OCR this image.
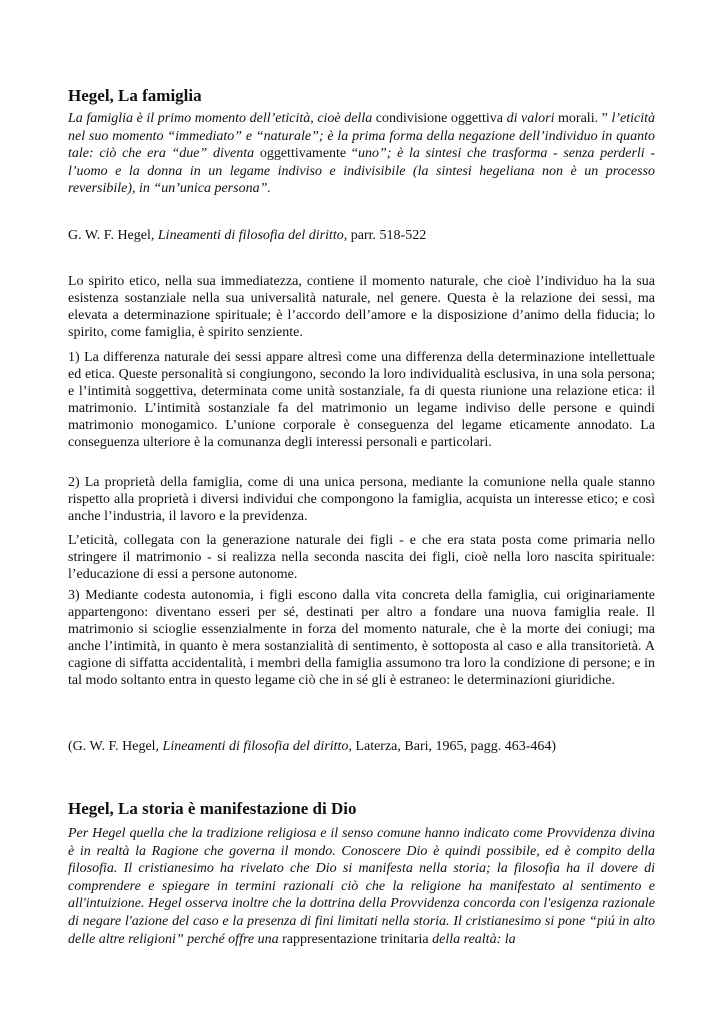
Hegel, La famiglia

La famiglia è il primo momento dell’eticità, cioè della condivisione oggettiva di valori morali. ” l’eticità nel suo momento “immediato” e “naturale”; è la prima forma della negazione dell’individuo in quanto tale: ciò che era “due” diventa oggettivamente “uno”; è la sintesi che trasforma - senza perderli - l’uomo e la donna in un legame indiviso e indivisibile (la sintesi hegeliana non è un processo reversibile), in “un’unica persona”.

G. W. F. Hegel, Lineamenti di filosofia del diritto, parr. 518-522

Lo spirito etico, nella sua immediatezza, contiene il momento naturale, che cioè l’individuo ha la sua esistenza sostanziale nella sua universalità naturale, nel genere. Questa è la relazione dei sessi, ma elevata a determinazione spirituale; è l’accordo dell’amore e la disposizione d’animo della fiducia; lo spirito, come famiglia, è spirito senziente.

1) La differenza naturale dei sessi appare altresì come una differenza della determinazione intellettuale ed etica. Queste personalità si congiungono, secondo la loro individualità esclusiva, in una sola persona; e l’intimità soggettiva, determinata come unità sostanziale, fa di questa riunione una relazione etica: il matrimonio. L’intimità sostanziale fa del matrimonio un legame indiviso delle persone e quindi matrimonio monogamico. L’unione corporale è conseguenza del legame eticamente annodato. La conseguenza ulteriore è la comunanza degli interessi personali e particolari.

2) La proprietà della famiglia, come di una unica persona, mediante la comunione nella quale stanno rispetto alla proprietà i diversi individui che compongono la famiglia, acquista un interesse etico; e così anche l’industria, il lavoro e la previdenza.

L’eticità, collegata con la generazione naturale dei figli - e che era stata posta come primaria nello stringere il matrimonio - si realizza nella seconda nascita dei figli, cioè nella loro nascita spirituale: l’educazione di essi a persone autonome.

3) Mediante codesta autonomia, i figli escono dalla vita concreta della famiglia, cui originariamente appartengono: diventano esseri per sé, destinati per altro a fondare una nuova famiglia reale. Il matrimonio si scioglie essenzialmente in forza del momento naturale, che è la morte dei coniugi; ma anche l’intimità, in quanto è mera sostanzialità di sentimento, è sottoposta al caso e alla transitorietà. A cagione di siffatta accidentalità, i membri della famiglia assumono tra loro la condizione di persone; e in tal modo soltanto entra in questo legame ciò che in sé gli è estraneo: le determinazioni giuridiche.

(G. W. F. Hegel, Lineamenti di filosofia del diritto, Laterza, Bari, 1965, pagg. 463-464)

Hegel, La storia è manifestazione di Dio

Per Hegel quella che la tradizione religiosa e il senso comune hanno indicato come Provvidenza divina è in realtà la Ragione che governa il mondo. Conoscere Dio è quindi possibile, ed è compito della filosofia. Il cristianesimo ha rivelato che Dio si manifesta nella storia; la filosofia ha il dovere di comprendere e spiegare in termini razionali ciò che la religione ha manifestato al sentimento e all'intuizione. Hegel osserva inoltre che la dottrina della Provvidenza concorda con l'esigenza razionale di negare l'azione del caso e la presenza di fini limitati nella storia. Il cristianesimo si pone “piú in alto delle altre religioni” perché offre una rappresentazione trinitaria della realtà: la
